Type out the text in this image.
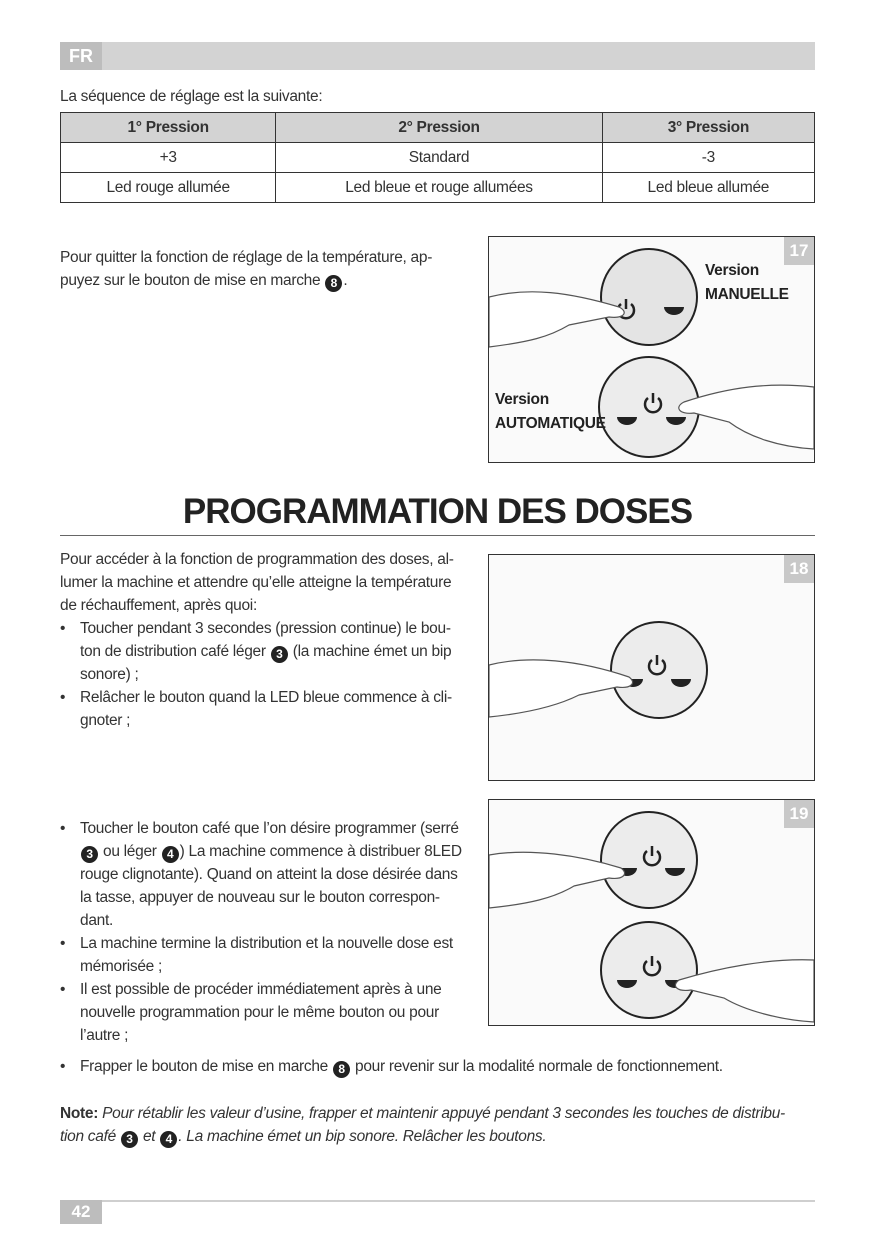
FR
La séquence de réglage est la suivante:
1° Pression	2° Pression	3° Pression
+3	Standard	-3
Led rouge allumée	Led bleue et rouge allumées	Led bleue allumée
Pour quitter la fonction de réglage de la température, ap-
puyez sur le bouton de mise en marche 8 .
17
Version
MANUELLE
Version
AUTOMATIQUE
PROGRAMMATION DES DOSES
Pour accéder à la fonction de programmation des doses, al-
lumer la machine et attendre qu’elle atteigne la température
de réchauffement, après quoi:
• Toucher pendant 3 secondes (pression continue) le bou-
ton de distribution café léger 3 (la machine émet un bip
sonore) ;
• Relâcher le bouton quand la LED bleue commence à cli-
gnoter ;
18
19
• Toucher le bouton café que l’on désire programmer (serré
3 ou léger 4 ) La machine commence à distribuer 8LED
rouge clignotante). Quand on atteint la dose désirée dans
la tasse, appuyer de nouveau sur le bouton correspon-
dant.
• La machine termine la distribution et la nouvelle dose est
mémorisée ;
• Il est possible de procéder immédiatement après à une
nouvelle programmation pour le même bouton ou pour
l’autre ;
• Frapper le bouton de mise en marche 8 pour revenir sur la modalité normale de fonctionnement.
Note: Pour rétablir les valeur d’usine, frapper et maintenir appuyé pendant 3 secondes les touches de distribu-
tion café 3 et 4 . La machine émet un bip sonore. Relâcher les boutons.
42
